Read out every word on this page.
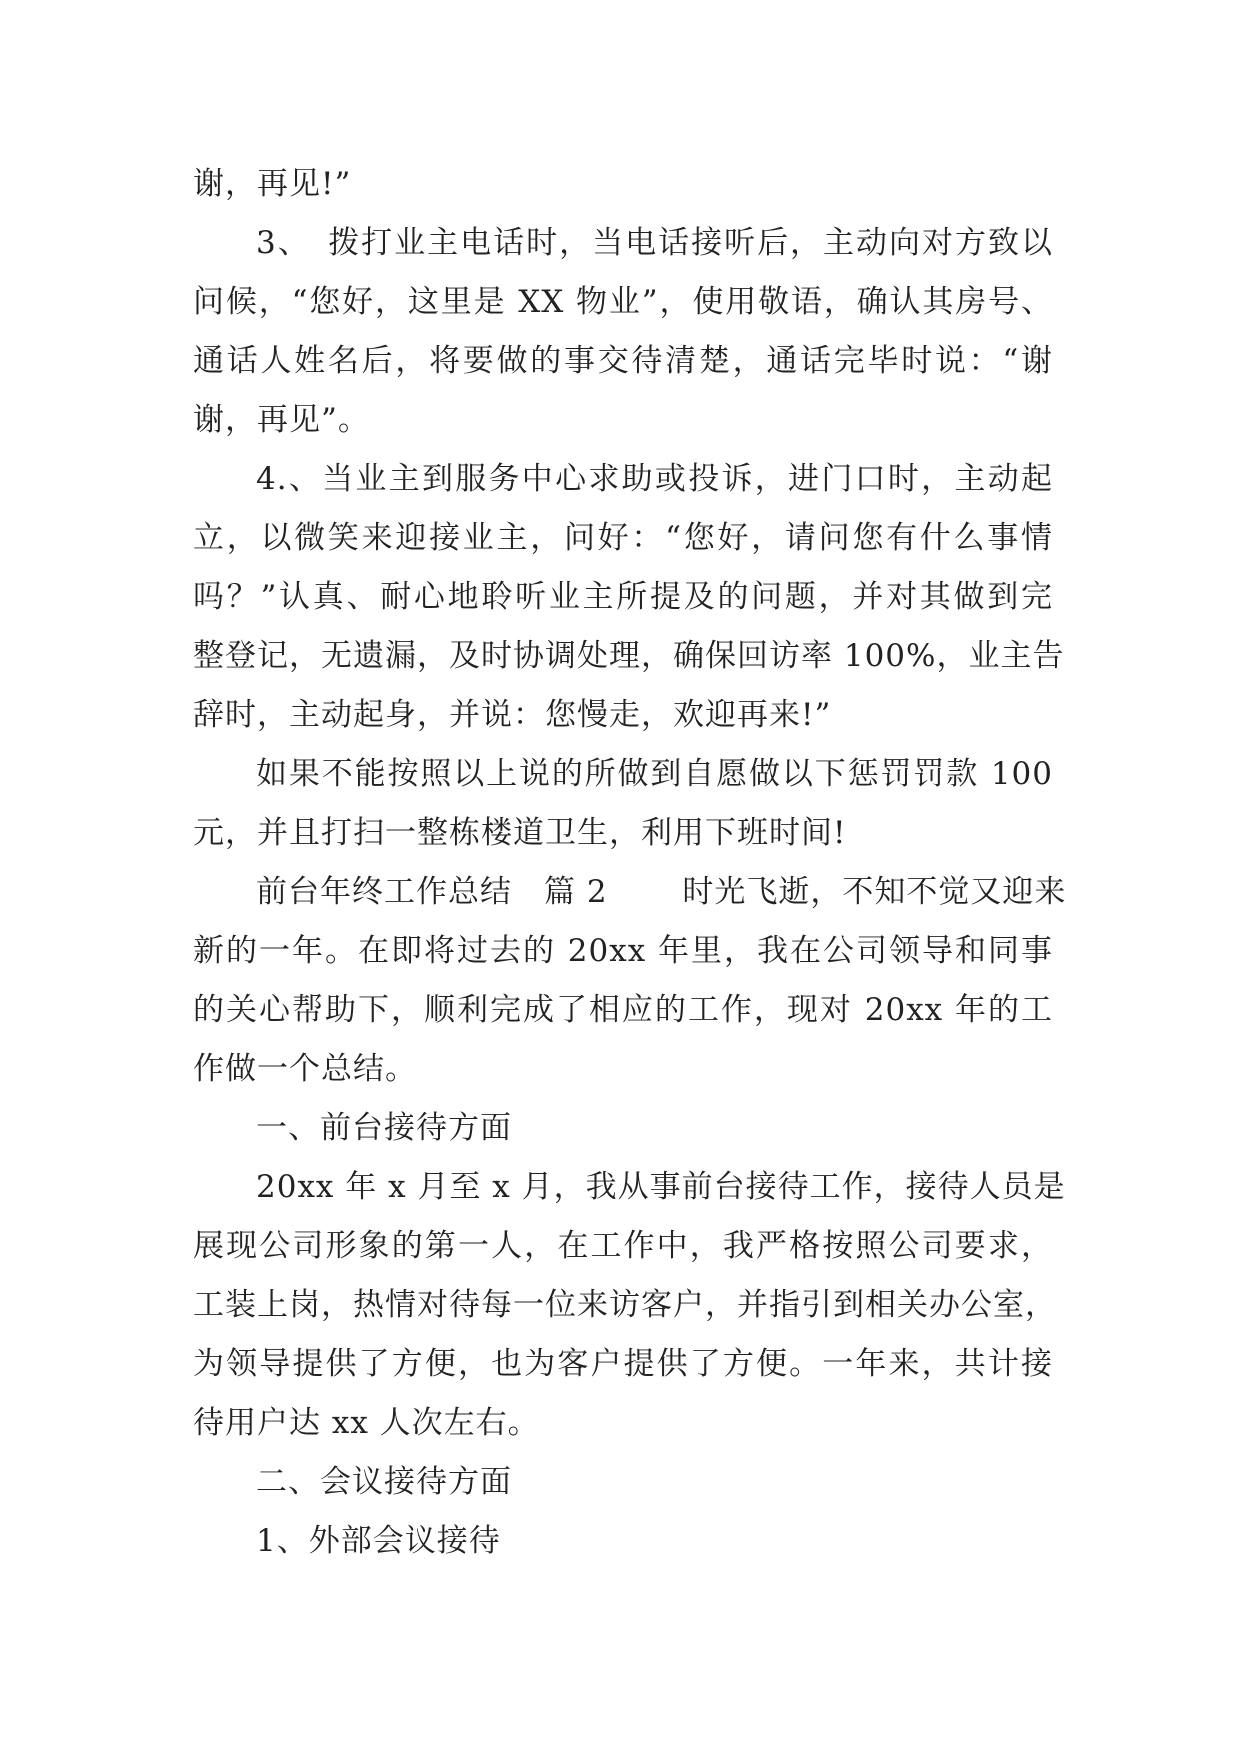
谢，再见!”
3、　拨打业主电话时，当电话接听后，主动向对方致以
问候，“您好，这里是 XX 物业”，使用敬语，确认其房号、
通话人姓名后，将要做的事交待清楚，通话完毕时说：“谢
谢，再见”。
4.、当业主到服务中心求助或投诉，进门口时，主动起
立，以微笑来迎接业主，问好：“您好，请问您有什么事情
吗？”认真、耐心地聆听业主所提及的问题，并对其做到完
整登记，无遗漏，及时协调处理，确保回访率 100%，业主告
辞时，主动起身，并说：您慢走，欢迎再来!”
如果不能按照以上说的所做到自愿做以下惩罚罚款 100
元，并且打扫一整栋楼道卫生，利用下班时间!
前台年终工作总结　篇 2　　 时光飞逝，不知不觉又迎来
新的一年。在即将过去的 20xx 年里，我在公司领导和同事
的关心帮助下，顺利完成了相应的工作，现对 20xx 年的工
作做一个总结。
一、前台接待方面
20xx 年 x 月至 x 月，我从事前台接待工作，接待人员是
展现公司形象的第一人，在工作中，我严格按照公司要求，
工装上岗，热情对待每一位来访客户，并指引到相关办公室，
为领导提供了方便，也为客户提供了方便。一年来，共计接
待用户达 xx 人次左右。
二、会议接待方面
1、外部会议接待
